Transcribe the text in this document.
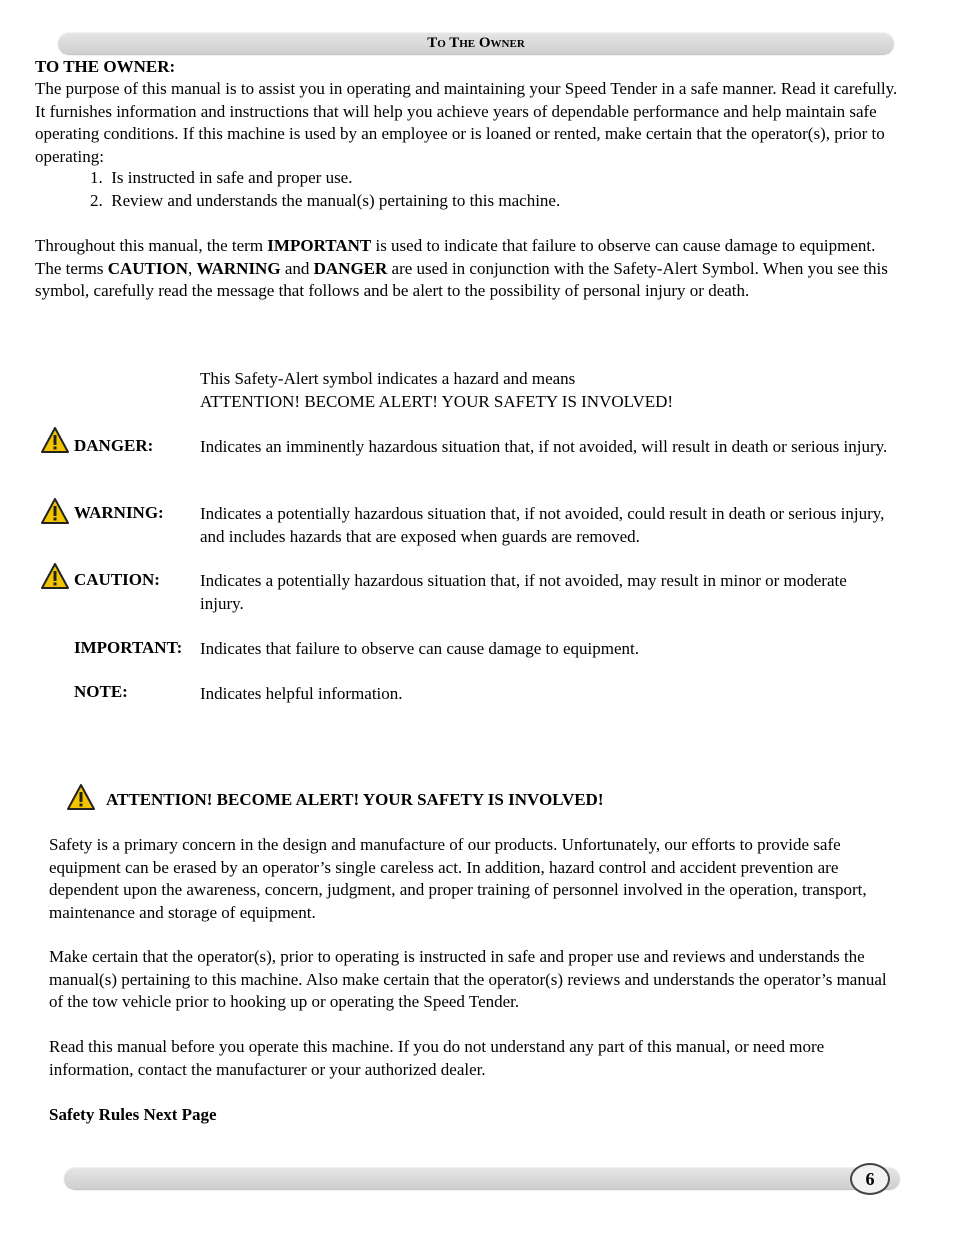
To The Owner
TO THE OWNER:

The purpose of this manual is to assist you in operating and maintaining your Speed Tender in a safe manner. Read it carefully. It furnishes information and instructions that will help you achieve years of dependable performance and help maintain safe operating conditions. If this machine is used by an employee or is loaned or rented, make certain that the operator(s), prior to operating:

1. Is instructed in safe and proper use.
2. Review and understands the manual(s) pertaining to this machine.

Throughout this manual, the term IMPORTANT is used to indicate that failure to observe can cause damage to equipment. The terms CAUTION, WARNING and DANGER are used in conjunction with the Safety-Alert Symbol. When you see this symbol, carefully read the message that follows and be alert to the possibility of personal injury or death.

This Safety-Alert symbol indicates a hazard and means
ATTENTION! BECOME ALERT! YOUR SAFETY IS INVOLVED!
DANGER:	Indicates an imminently hazardous situation that, if not avoided, will result in death or serious injury.
WARNING: Indicates a potentially hazardous situation that, if not avoided, could result in death or serious injury, and includes hazards that are exposed when guards are removed.
CAUTION: Indicates a potentially hazardous situation that, if not avoided, may result in minor or moderate injury.
IMPORTANT: Indicates that failure to observe can cause damage to equipment.
NOTE:	Indicates helpful information.
ATTENTION! BECOME ALERT! YOUR SAFETY IS INVOLVED!

Safety is a primary concern in the design and manufacture of our products. Unfortunately, our efforts to provide safe equipment can be erased by an operator’s single careless act. In addition, hazard control and accident prevention are dependent upon the awareness, concern, judgment, and proper training of personnel involved in the operation, transport, maintenance and storage of equipment.

Make certain that the operator(s), prior to operating is instructed in safe and proper use and reviews and understands the manual(s) pertaining to this machine. Also make certain that the operator(s) reviews and understands the operator’s manual of the tow vehicle prior to hooking up or operating the Speed Tender.

Read this manual before you operate this machine. If you do not understand any part of this manual, or need more information, contact the manufacturer or your authorized dealer.

Safety Rules Next Page
6
